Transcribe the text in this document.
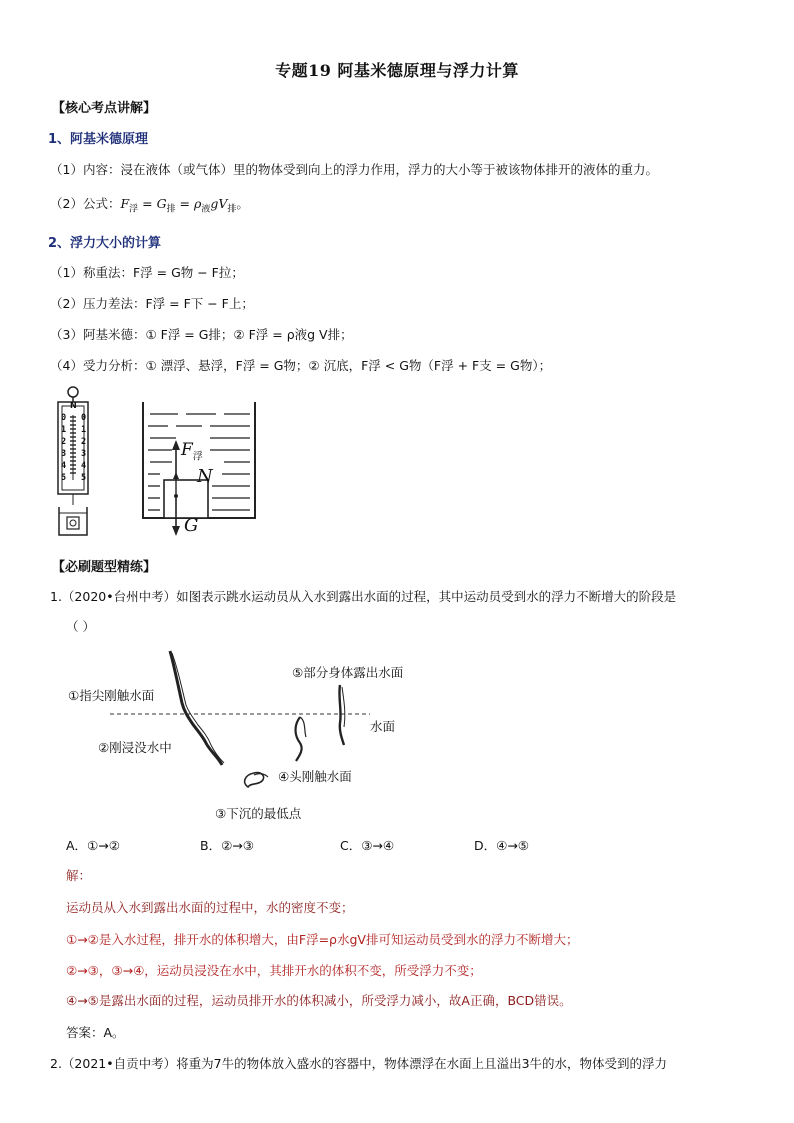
专题19 阿基米德原理与浮力计算
【核心考点讲解】
1、阿基米德原理
（1）内容：浸在液体（或气体）里的物体受到向上的浮力作用，浮力的大小等于被该物体排开的液体的重力。
（2）公式：$F_浮 = G_排 = \rho_液gV_排$。
2、浮力大小的计算
（1）称重法：F浮 = G物 − F拉；
（2）压力差法：F浮 = F下 − F上；
（3）阿基米德：① F浮 = G排；② F浮 = ρ液g V排；
（4）受力分析：① 漂浮、悬浮，F浮 = G物；② 沉底，F浮 < G物（F浮 + F支 = G物）；
N
0
1
2
3
4
5
0
1
2
3
4
5
$F_浮$
N
G
【必刷题型精练】
1.（2020•台州中考）如图表示跳水运动员从入水到露出水面的过程，其中运动员受到水的浮力不断增大的阶段是
（ ）
①指尖刚触水面
②刚浸没水中
③下沉的最低点
④头刚触水面
⑤部分身体露出水面
水面
A．①→②	B．②→③	C．③→④	D．④→⑤
解：
运动员从入水到露出水面的过程中，水的密度不变；
①→②是入水过程，排开水的体积增大，由F浮=ρ水gV排可知运动员受到水的浮力不断增大；
②→③，③→④，运动员浸没在水中，其排开水的体积不变，所受浮力不变；
④→⑤是露出水面的过程，运动员排开水的体积减小，所受浮力减小，故A正确，BCD错误。
答案：A。
2.（2021•自贡中考）将重为7牛的物体放入盛水的容器中，物体漂浮在水面上且溢出3牛的水，物体受到的浮力
